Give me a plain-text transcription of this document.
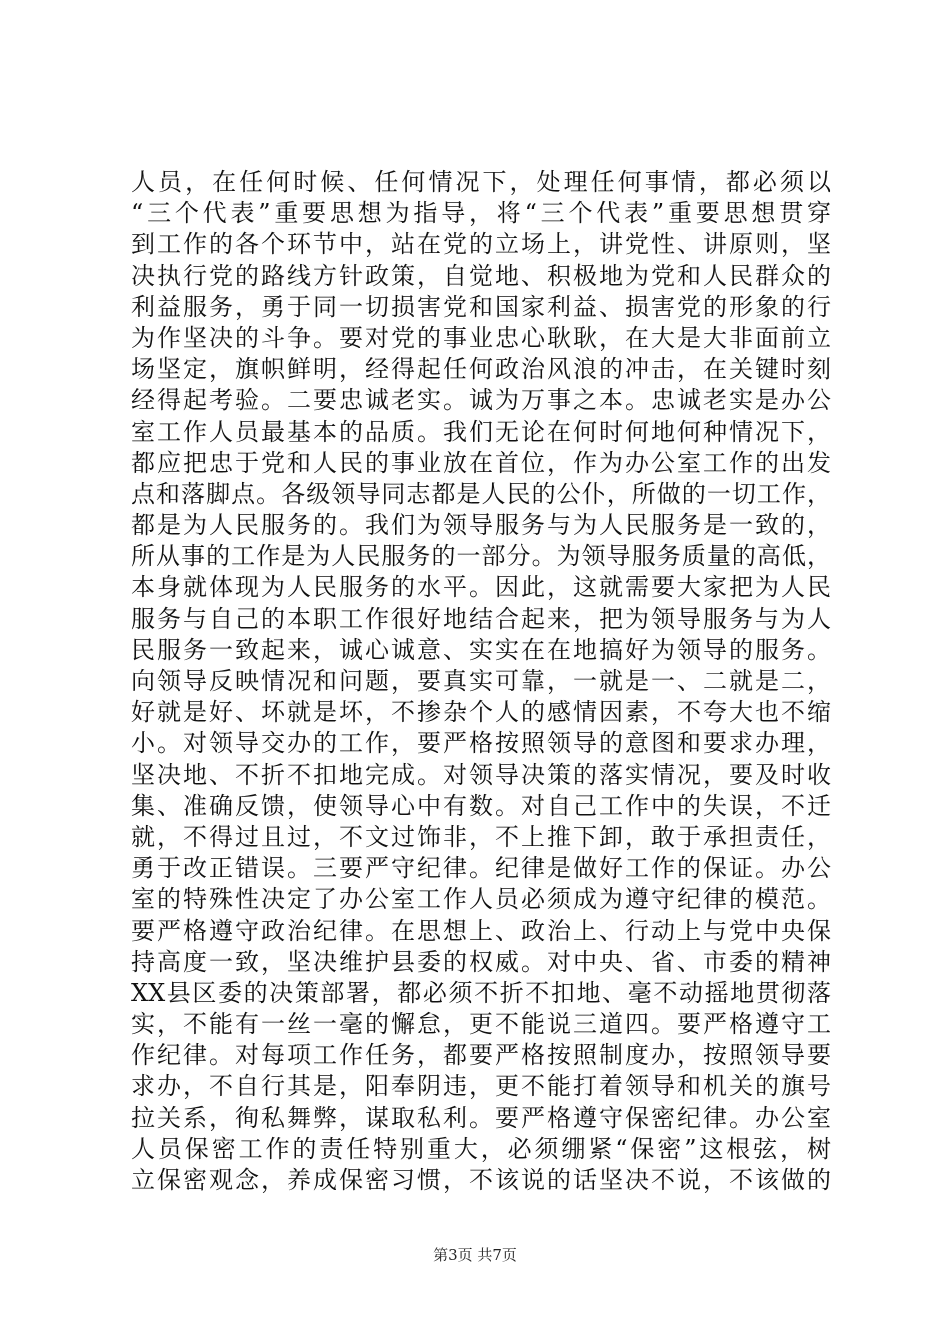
人员，在任何时候、任何情况下，处理任何事情，都必须以
“三个代表”重要思想为指导，将“三个代表”重要思想贯穿
到工作的各个环节中，站在党的立场上，讲党性、讲原则，坚
决执行党的路线方针政策，自觉地、积极地为党和人民群众的
利益服务，勇于同一切损害党和国家利益、损害党的形象的行
为作坚决的斗争。要对党的事业忠心耿耿，在大是大非面前立
场坚定，旗帜鲜明，经得起任何政治风浪的冲击，在关键时刻
经得起考验。二要忠诚老实。诚为万事之本。忠诚老实是办公
室工作人员最基本的品质。我们无论在何时何地何种情况下，
都应把忠于党和人民的事业放在首位，作为办公室工作的出发
点和落脚点。各级领导同志都是人民的公仆，所做的一切工作，
都是为人民服务的。我们为领导服务与为人民服务是一致的，
所从事的工作是为人民服务的一部分。为领导服务质量的高低，
本身就体现为人民服务的水平。因此，这就需要大家把为人民
服务与自己的本职工作很好地结合起来，把为领导服务与为人
民服务一致起来，诚心诚意、实实在在地搞好为领导的服务。
向领导反映情况和问题，要真实可靠，一就是一、二就是二，
好就是好、坏就是坏，不掺杂个人的感情因素，不夸大也不缩
小。对领导交办的工作，要严格按照领导的意图和要求办理，
坚决地、不折不扣地完成。对领导决策的落实情况，要及时收
集、准确反馈，使领导心中有数。对自己工作中的失误，不迁
就，不得过且过，不文过饰非，不上推下卸，敢于承担责任，
勇于改正错误。三要严守纪律。纪律是做好工作的保证。办公
室的特殊性决定了办公室工作人员必须成为遵守纪律的模范。
要严格遵守政治纪律。在思想上、政治上、行动上与党中央保
持高度一致，坚决维护县委的权威。对中央、省、市委的精神
XX县区委的决策部署，都必须不折不扣地、毫不动摇地贯彻落
实，不能有一丝一毫的懈怠，更不能说三道四。要严格遵守工
作纪律。对每项工作任务，都要严格按照制度办，按照领导要
求办，不自行其是，阳奉阴违，更不能打着领导和机关的旗号
拉关系，徇私舞弊，谋取私利。要严格遵守保密纪律。办公室
人员保密工作的责任特别重大，必须绷紧“保密”这根弦，树
立保密观念，养成保密习惯，不该说的话坚决不说，不该做的
第3页 共7页
